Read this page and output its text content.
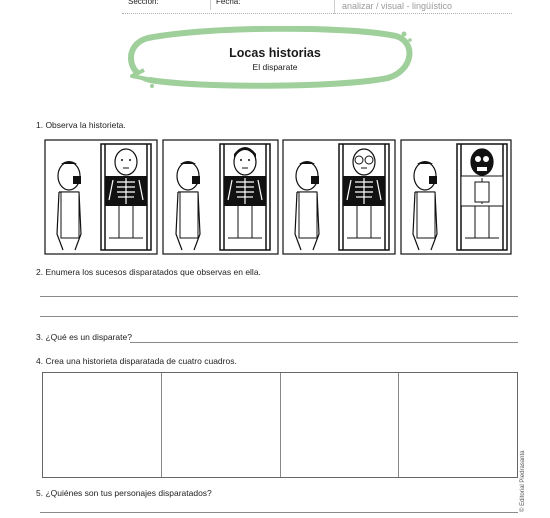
Sección:	Fecha:	analizar / visual - lingüístico
Locas historias
El disparate
1. Observa la historieta.
2. Enumera los sucesos disparatados que observas en ella.
3. ¿Qué es un disparate?
4. Crea una historieta disparatada de cuatro cuadros.
5. ¿Quiénes son tus personajes disparatados?	© Editorial Piedrasanta
